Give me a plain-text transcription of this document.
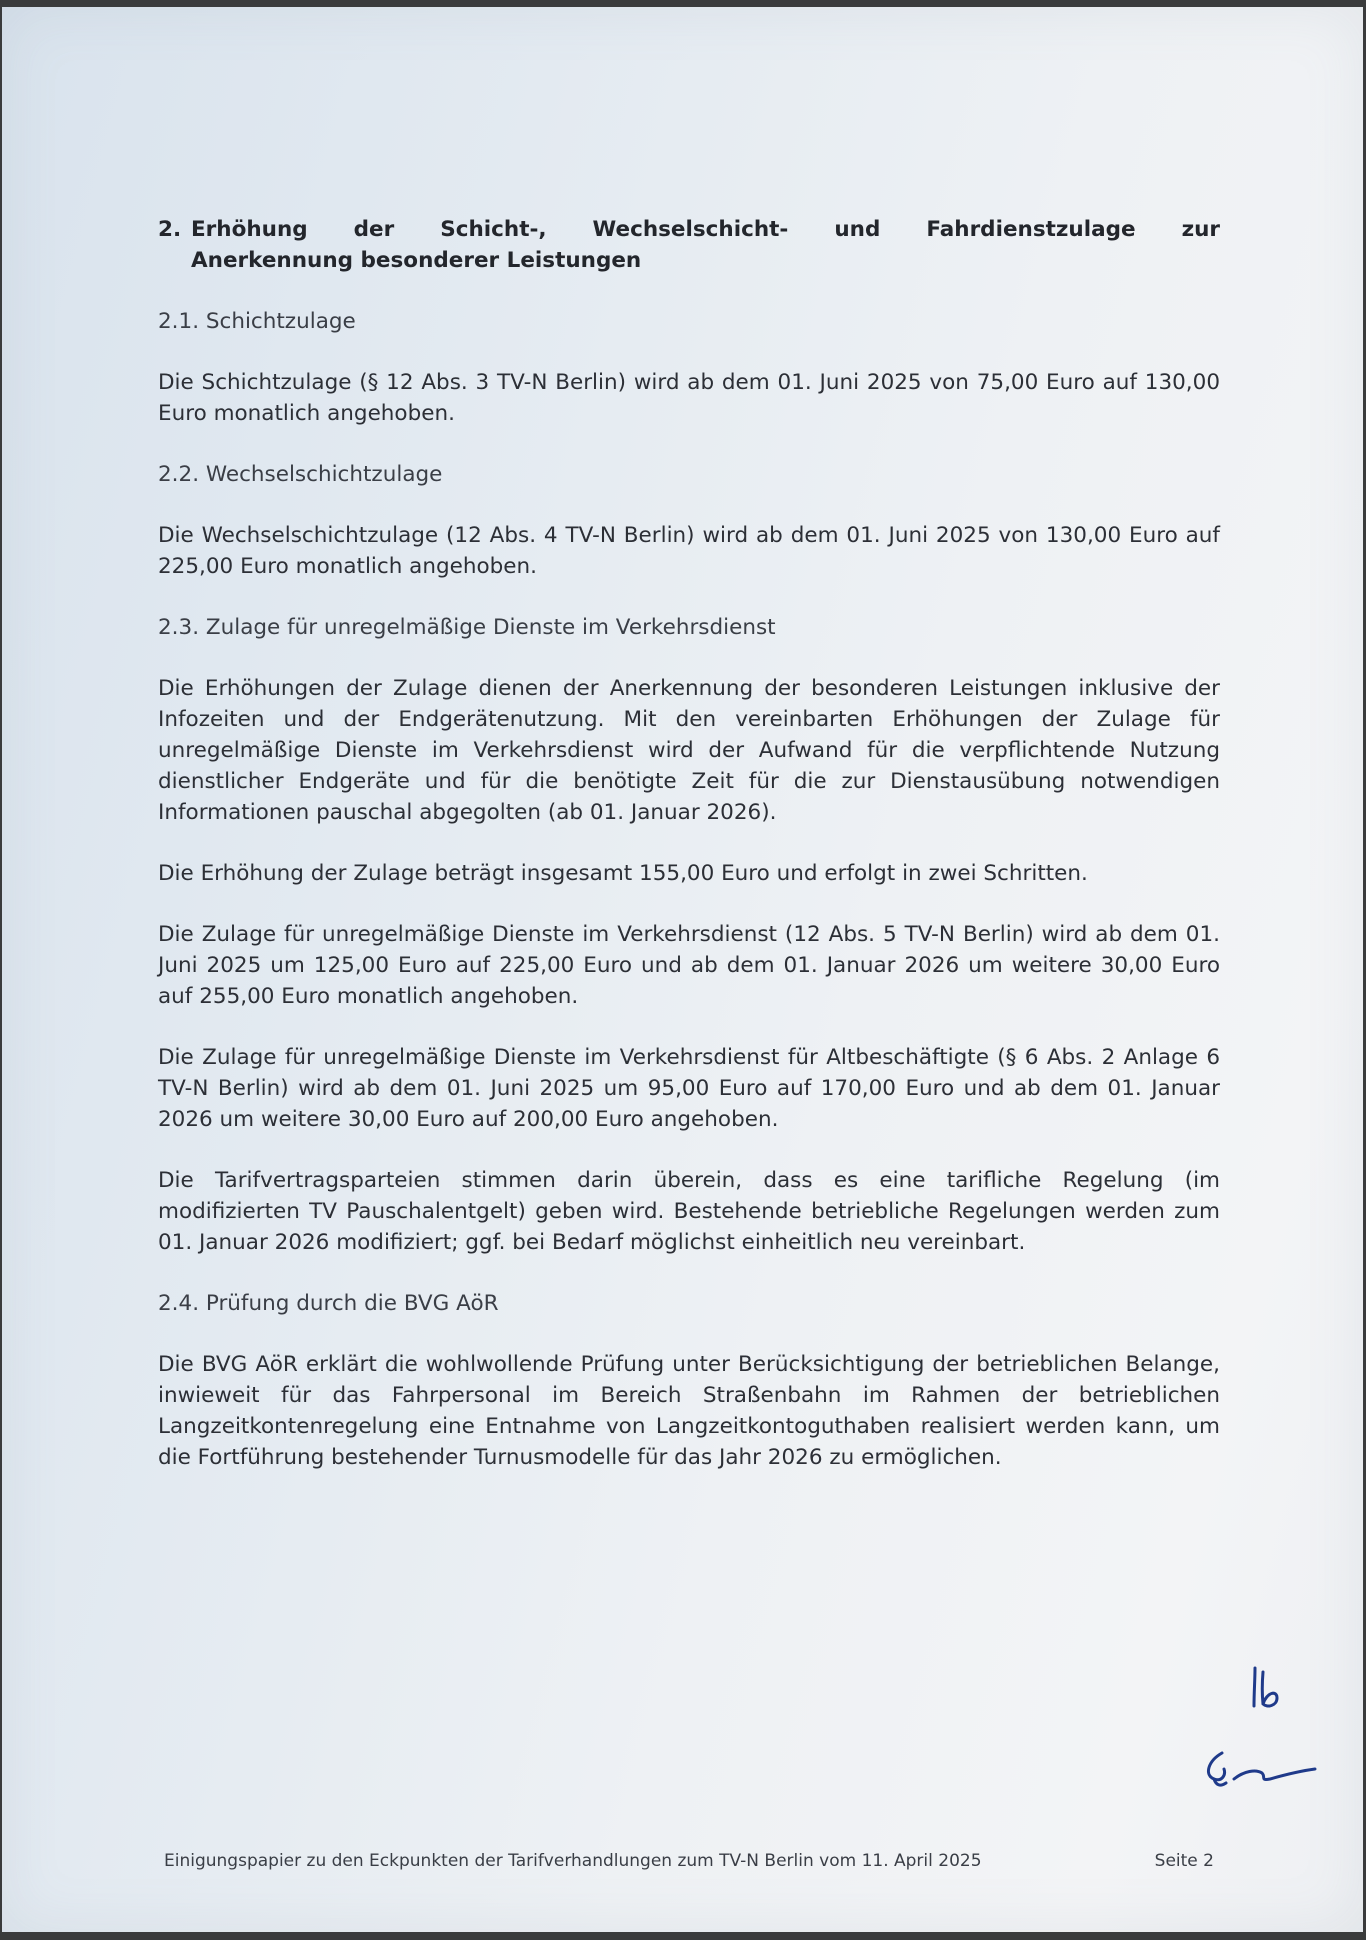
2. Erhöhung der Schicht-, Wechselschicht- und Fahrdienstzulage zur
Anerkennung besonderer Leistungen
2.1. Schichtzulage
Die Schichtzulage (§ 12 Abs. 3 TV-N Berlin) wird ab dem 01. Juni 2025 von 75,00 Euro auf 130,00 Euro monatlich angehoben.
2.2. Wechselschichtzulage
Die Wechselschichtzulage (12 Abs. 4 TV-N Berlin) wird ab dem 01. Juni 2025 von 130,00 Euro auf 225,00 Euro monatlich angehoben.
2.3. Zulage für unregelmäßige Dienste im Verkehrsdienst
Die Erhöhungen der Zulage dienen der Anerkennung der besonderen Leistungen inklusive der Infozeiten und der Endgerätenutzung. Mit den vereinbarten Erhöhungen der Zulage für unregelmäßige Dienste im Verkehrsdienst wird der Aufwand für die verpflichtende Nutzung dienstlicher Endgeräte und für die benötigte Zeit für die zur Dienstausübung notwendigen Informationen pauschal abgegolten (ab 01. Januar 2026).
Die Erhöhung der Zulage beträgt insgesamt 155,00 Euro und erfolgt in zwei Schritten.
Die Zulage für unregelmäßige Dienste im Verkehrsdienst (12 Abs. 5 TV-N Berlin) wird ab dem 01. Juni 2025 um 125,00 Euro auf 225,00 Euro und ab dem 01. Januar 2026 um weitere 30,00 Euro auf 255,00 Euro monatlich angehoben.
Die Zulage für unregelmäßige Dienste im Verkehrsdienst für Altbeschäftigte (§ 6 Abs. 2 Anlage 6 TV-N Berlin) wird ab dem 01. Juni 2025 um 95,00 Euro auf 170,00 Euro und ab dem 01. Januar 2026 um weitere 30,00 Euro auf 200,00 Euro angehoben.
Die Tarifvertragsparteien stimmen darin überein, dass es eine tarifliche Regelung (im modifizierten TV Pauschalentgelt) geben wird. Bestehende betriebliche Regelungen werden zum 01. Januar 2026 modifiziert; ggf. bei Bedarf möglichst einheitlich neu vereinbart.
2.4. Prüfung durch die BVG AöR
Die BVG AöR erklärt die wohlwollende Prüfung unter Berücksichtigung der betrieblichen Belange, inwieweit für das Fahrpersonal im Bereich Straßenbahn im Rahmen der betrieblichen Langzeitkontenregelung eine Entnahme von Langzeitkontoguthaben realisiert werden kann, um die Fortführung bestehender Turnusmodelle für das Jahr 2026 zu ermöglichen.
Einigungspapier zu den Eckpunkten der Tarifverhandlungen zum TV-N Berlin vom 11. April 2025	Seite 2
